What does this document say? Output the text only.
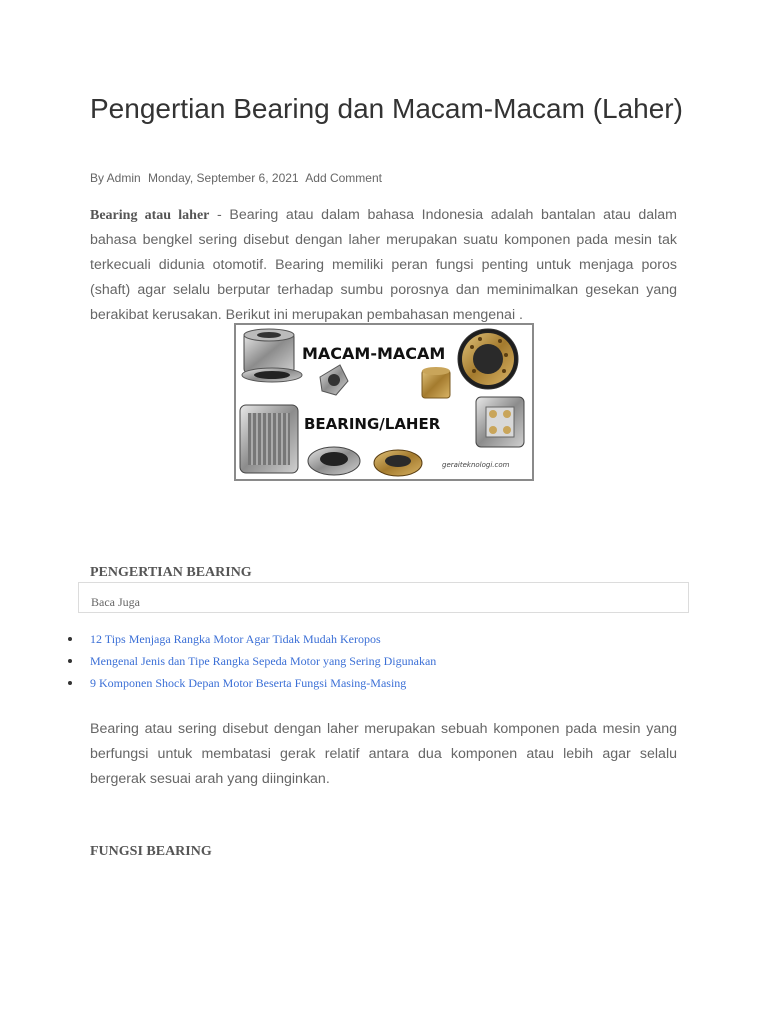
Pengertian Bearing dan Macam-Macam (Laher)
By Admin Monday, September 6, 2021 Add Comment

Bearing atau laher - Bearing atau dalam bahasa Indonesia adalah bantalan atau dalam bahasa bengkel sering disebut dengan laher merupakan suatu komponen pada mesin tak terkecuali didunia otomotif. Bearing memiliki peran fungsi penting untuk menjaga poros (shaft) agar selalu berputar terhadap sumbu porosnya dan meminimalkan gesekan yang berakibat kerusakan. Berikut ini merupakan pembahasan mengenai .

MACAM-MACAM
BEARING/LAHER
geraiteknologi.com
PENGERTIAN BEARING
Baca Juga
12 Tips Menjaga Rangka Motor Agar Tidak Mudah Keropos
Mengenal Jenis dan Tipe Rangka Sepeda Motor yang Sering Digunakan
9 Komponen Shock Depan Motor Beserta Fungsi Masing-Masing

Bearing atau sering disebut dengan laher merupakan sebuah komponen pada mesin yang berfungsi untuk membatasi gerak relatif antara dua komponen atau lebih agar selalu bergerak sesuai arah yang diinginkan.

FUNGSI BEARING
